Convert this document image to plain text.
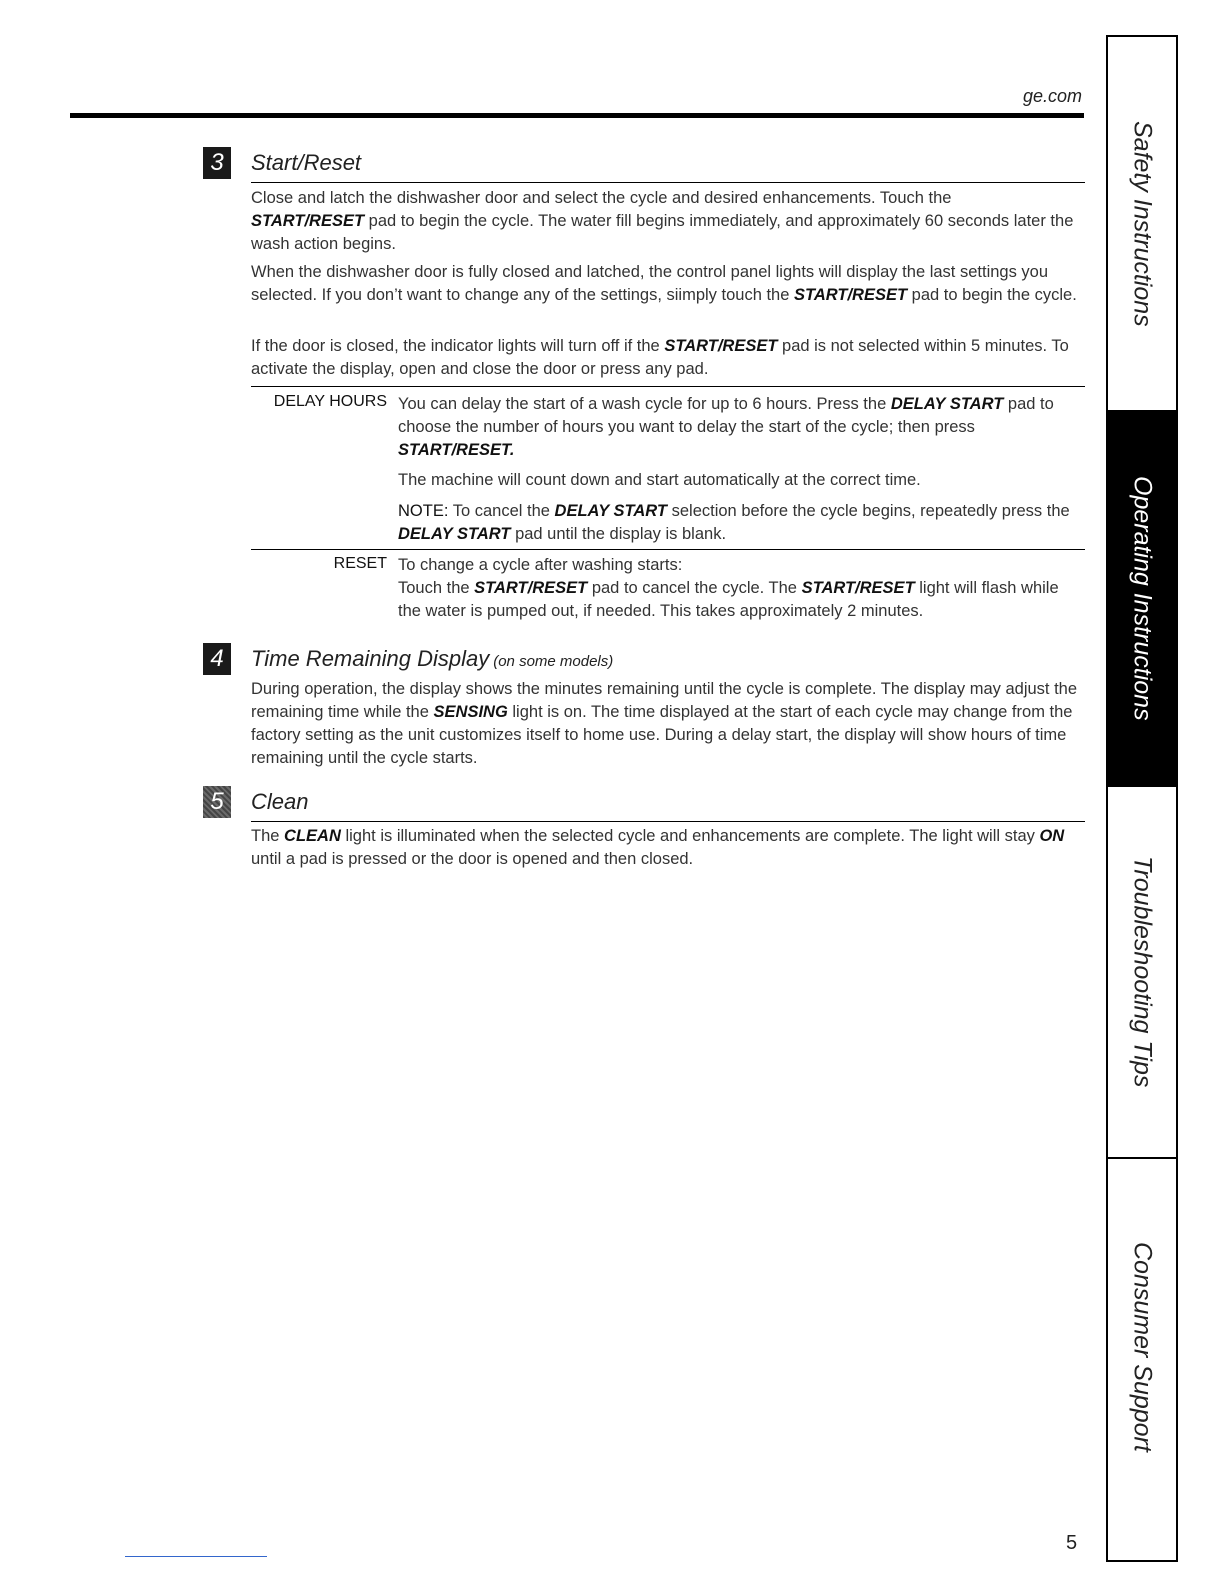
ge.com
3	Start/Reset

Close and latch the dishwasher door and select the cycle and desired enhancements. Touch the
START/RESET pad to begin the cycle. The water fill begins immediately, and approximately 60 seconds later the wash action begins.

When the dishwasher door is fully closed and latched, the control panel lights will display the last settings you selected. If you don’t want to change any of the settings, siimply touch the START/RESET pad to begin the cycle.

If the door is closed, the indicator lights will turn off if the START/RESET pad is not selected within 5 minutes. To activate the display, open and close the door or press any pad.

DELAY HOURS You can delay the start of a wash cycle for up to 6 hours. Press the DELAY START pad to choose the number of hours you want to delay the start of the cycle; then press START/RESET.

The machine will count down and start automatically at the correct time.

NOTE: To cancel the DELAY START selection before the cycle begins, repeatedly press the DELAY START pad until the display is blank.

RESET To change a cycle after washing starts:
Touch the START/RESET pad to cancel the cycle. The START/RESET light will flash while the water is pumped out, if needed. This takes approximately 2 minutes.

4	Time Remaining Display (on some models)

During operation, the display shows the minutes remaining until the cycle is complete. The display may adjust the remaining time while the SENSING light is on. The time displayed at the start of each cycle may change from the factory setting as the unit customizes itself to home use. During a delay start, the display will show hours of time remaining until the cycle starts.

5	Clean

The CLEAN light is illuminated when the selected cycle and enhancements are complete. The light will stay ON until a pad is pressed or the door is opened and then closed.

Safety Instructions
Operating Instructions
Troubleshooting Tips
Consumer Support
5
